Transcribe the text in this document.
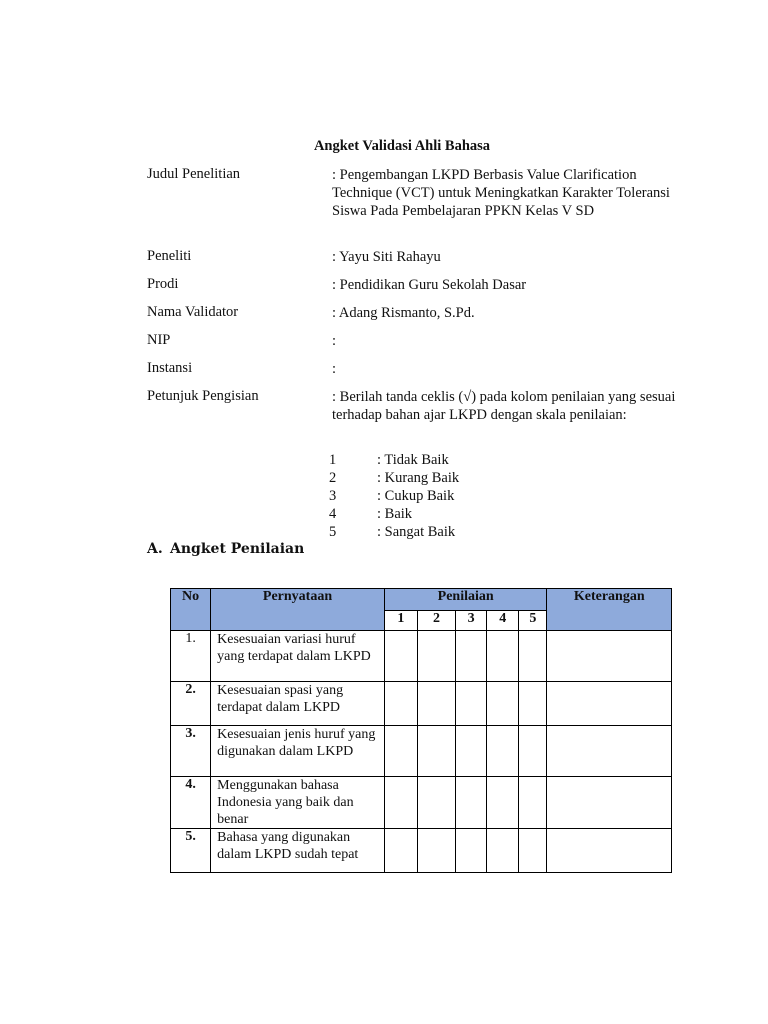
Angket Validasi Ahli Bahasa
Judul Penelitian	: Pengembangan LKPD Berbasis Value Clarification Technique (VCT) untuk Meningkatkan Karakter Toleransi Siswa Pada Pembelajaran PPKN Kelas V SD
Peneliti	: Yayu Siti Rahayu
Prodi	: Pendidikan Guru Sekolah Dasar
Nama Validator	: Adang Rismanto, S.Pd.
NIP	:
Instansi	:
Petunjuk Pengisian	: Berilah tanda ceklis (√) pada kolom penilaian yang sesuai terhadap bahan ajar LKPD dengan skala penilaian:
1	: Tidak Baik
2	: Kurang Baik
3	: Cukup Baik
4	: Baik
5	: Sangat Baik
A. Angket Penilaian
No	Pernyataan	Penilaian					Keterangan
		1	2	3	4	5	
1.	Kesesuaian variasi huruf yang terdapat dalam LKPD						
2.	Kesesuaian spasi yang terdapat dalam LKPD						
3.	Kesesuaian jenis huruf yang digunakan dalam LKPD						
4.	Menggunakan bahasa Indonesia yang baik dan benar						
5.	Bahasa yang digunakan dalam LKPD sudah tepat						
